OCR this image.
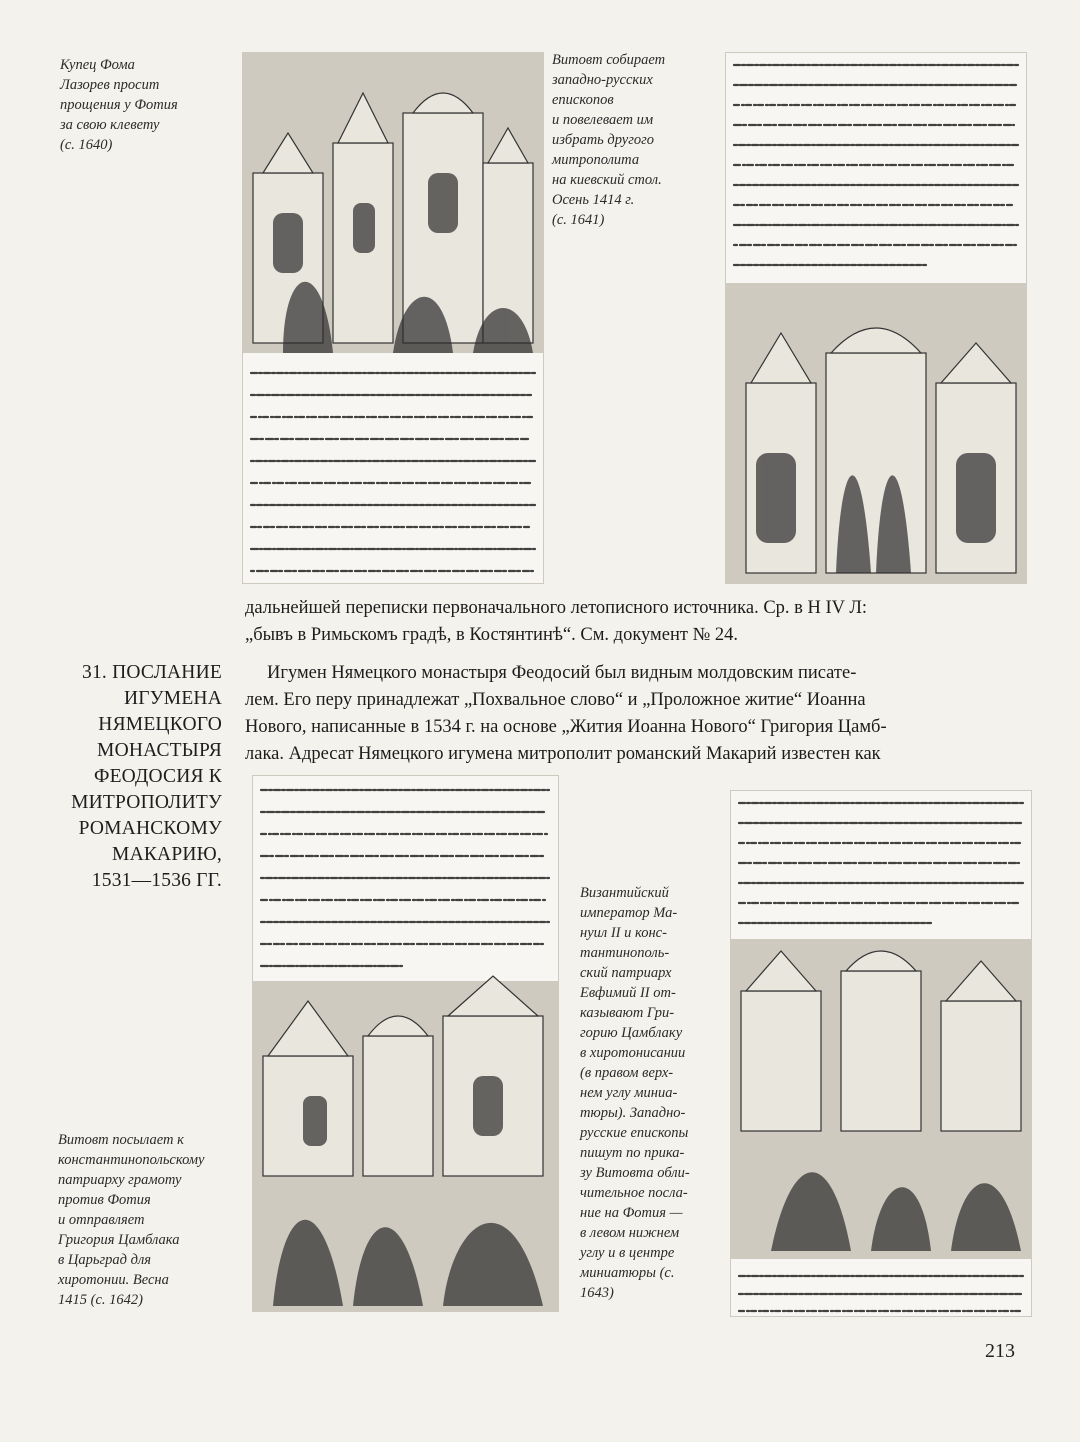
Купец Фома
Лазорев просит
прощения у Фотия
за свою клевету
(с. 1640)
Витовт собирает
западно-русских
епископов
и повелевает им
избрать другого
митрополита
на киевский стол.
Осень 1414 г.
(с. 1641)
дальнейшей переписки первоначального летописного источника. Ср. в Н IV Л:
„бывъ в Римьскомъ градѣ, в Костянтинѣ“. См. документ № 24.
31. ПОСЛАНИЕ
ИГУМЕНА
НЯМЕЦКОГО
МОНАСТЫРЯ
ФЕОДОСИЯ К
МИТРОПОЛИТУ
РОМАНСКОМУ
МАКАРИЮ,
1531—1536 ГГ.
Игумен Нямецкого монастыря Феодосий был видным молдовским писате-
лем. Его перу принадлежат „Похвальное слово“ и „Проложное житие“ Иоанна
Нового, написанные в 1534 г. на основе „Жития Иоанна Нового“ Григория Цамб-
лака. Адресат Нямецкого игумена митрополит романский Макарий известен как
Витовт посылает к
константинопольскому
патриарху грамоту
против Фотия
и отправляет
Григория Цамблака
в Царьград для
хиротонии. Весна
1415 (с. 1642)
Византийский
император Ма-
нуил II и конс-
тантинополь-
ский патриарх
Евфимий II от-
казывают Гри-
горию Цамблаку
в хиротонисании
(в правом верх-
нем углу миниа-
тюры). Западно-
русские епископы
пишут по прика-
зу Витовта обли-
чительное посла-
ние на Фотия —
в левом нижнем
углу и в центре
миниатюры (с.
1643)
213
